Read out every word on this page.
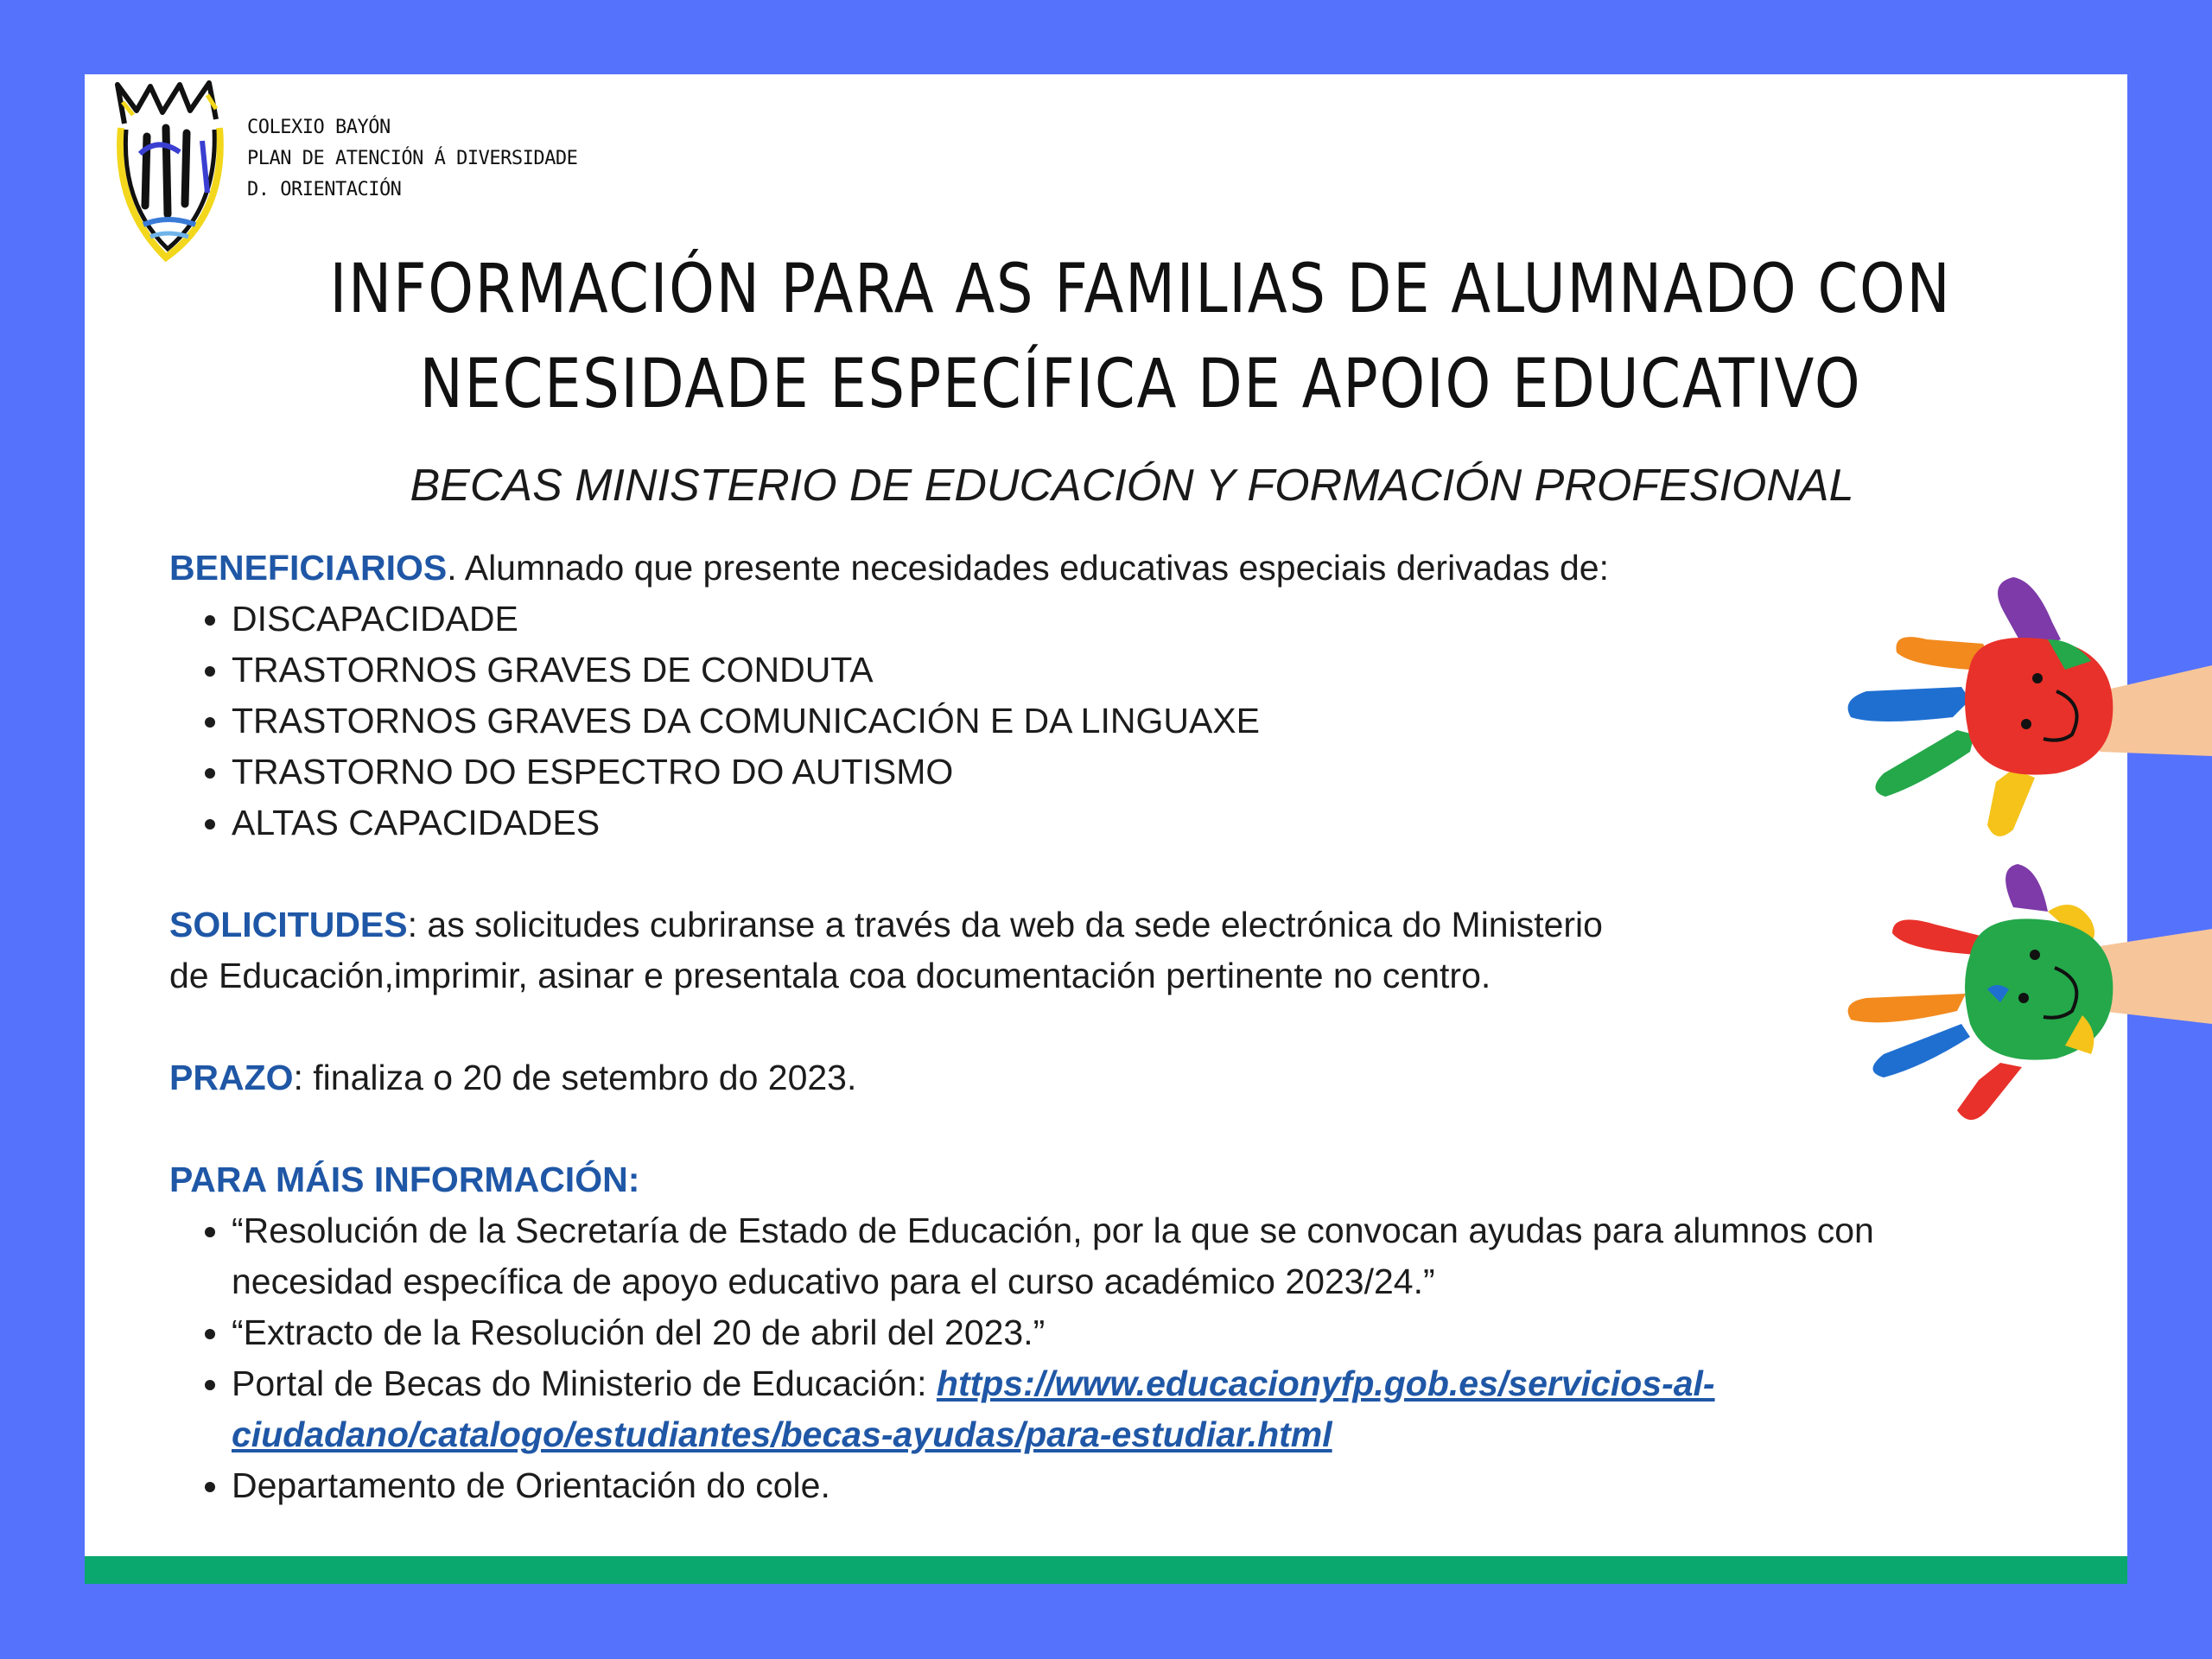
COLEXIO BAYÓN
PLAN DE ATENCIÓN Á DIVERSIDADE
D. ORIENTACIÓN
INFORMACIÓN PARA AS FAMILIAS DE ALUMNADO CON
NECESIDADE ESPECÍFICA DE APOIO EDUCATIVO
BECAS MINISTERIO DE EDUCACIÓN Y FORMACIÓN PROFESIONAL

BENEFICIARIOS. Alumnado que presente necesidades educativas especiais derivadas de:

• DISCAPACIDADE
• TRASTORNOS GRAVES DE CONDUTA
• TRASTORNOS GRAVES DA COMUNICACIÓN E DA LINGUAXE
• TRASTORNO DO ESPECTRO DO AUTISMO
• ALTAS CAPACIDADES

SOLICITUDES: as solicitudes cubriranse a través da web da sede electrónica do Ministerio
de Educación,imprimir, asinar e presentala coa documentación pertinente no centro.

PRAZO: finaliza o 20 de setembro do 2023.

PARA MÁIS INFORMACIÓN:

• “Resolución de la Secretaría de Estado de Educación, por la que se convocan ayudas para alumnos con
necesidad específica de apoyo educativo para el curso académico 2023/24.”
• “Extracto de la Resolución del 20 de abril del 2023.”
• Portal de Becas do Ministerio de Educación: https://www.educacionyfp.gob.es/servicios-al-
ciudadano/catalogo/estudiantes/becas-ayudas/para-estudiar.html
• Departamento de Orientación do cole.
